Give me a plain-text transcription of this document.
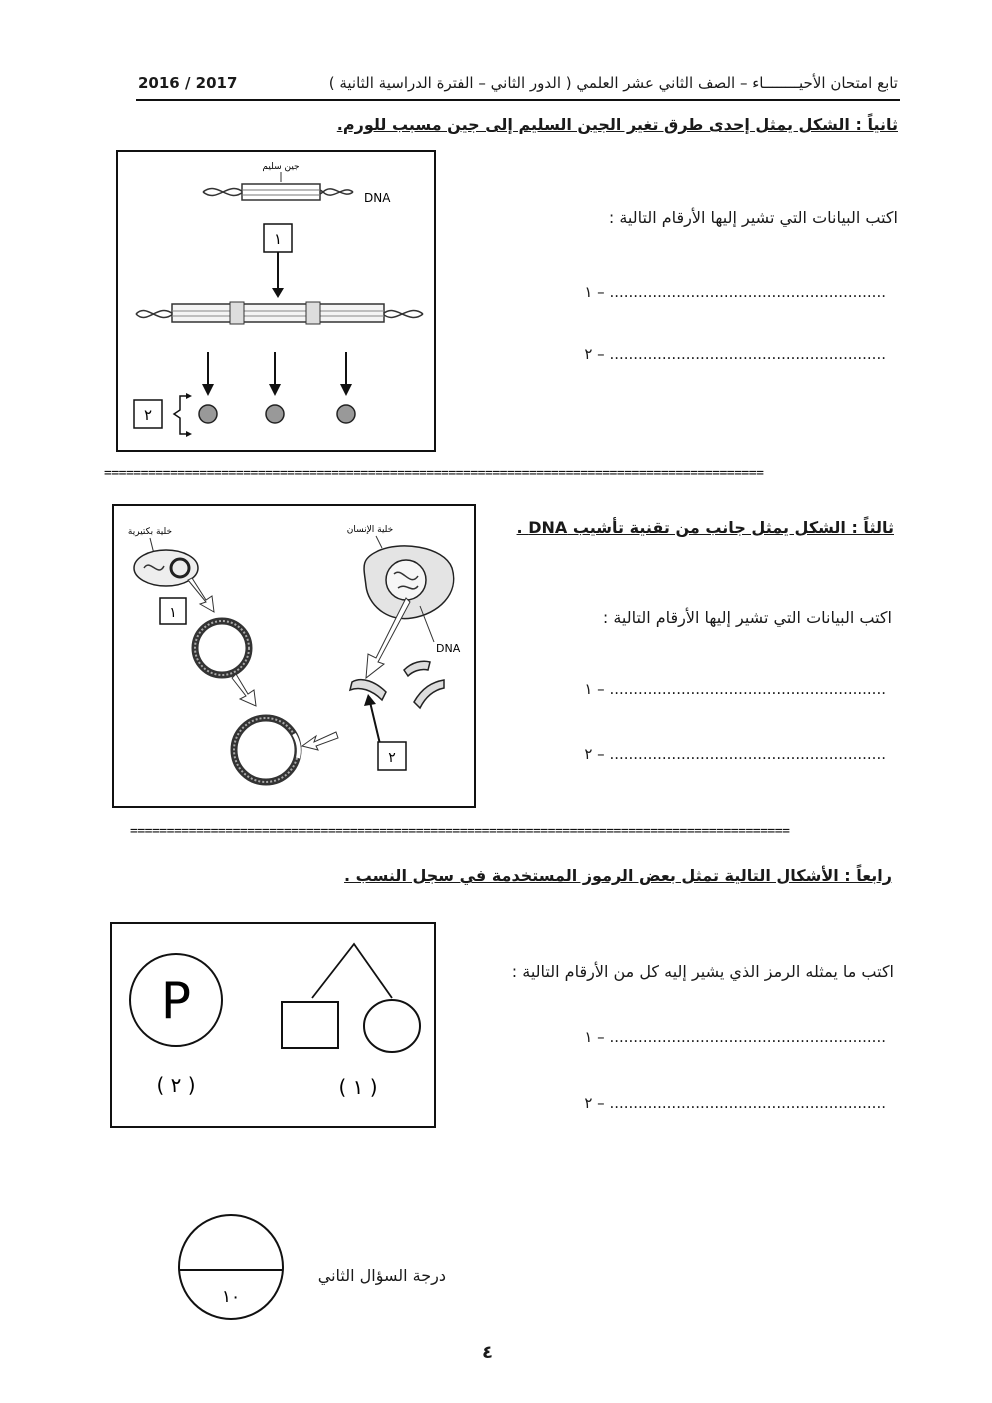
تابع امتحان الأحيــــــــاء – الصف الثاني عشر العلمي ( الدور الثاني – الفترة الدراسية الثانية )
2016 / 2017
ثانياً : الشكل يمثل إحدى طرق تغير الجين السليم إلى جين مسبب للورم.
جين سليم
DNA
١
٢
اكتب البيانات التي تشير إليها الأرقام التالية :
١ – ..........................................................
٢ – ..........................................................
==========================================================================================
ثالثاً : الشكل يمثل جانب من تقنية تأشيب DNA .
خلية بكتيرية
١
خلية الإنسان
DNA
٢
اكتب البيانات التي تشير إليها الأرقام التالية :
١ – ..........................................................
٢ – ..........................................................
==========================================================================================
رابعاً : الأشكال التالية تمثل بعض الرموز المستخدمة في سجل النسب .
P
( ٢ )	( ١ )
اكتب ما يمثله الرمز الذي يشير إليه كل من الأرقام التالية :
١ – ..........................................................
٢ – ..........................................................
١٠
درجة السؤال الثاني
٤
